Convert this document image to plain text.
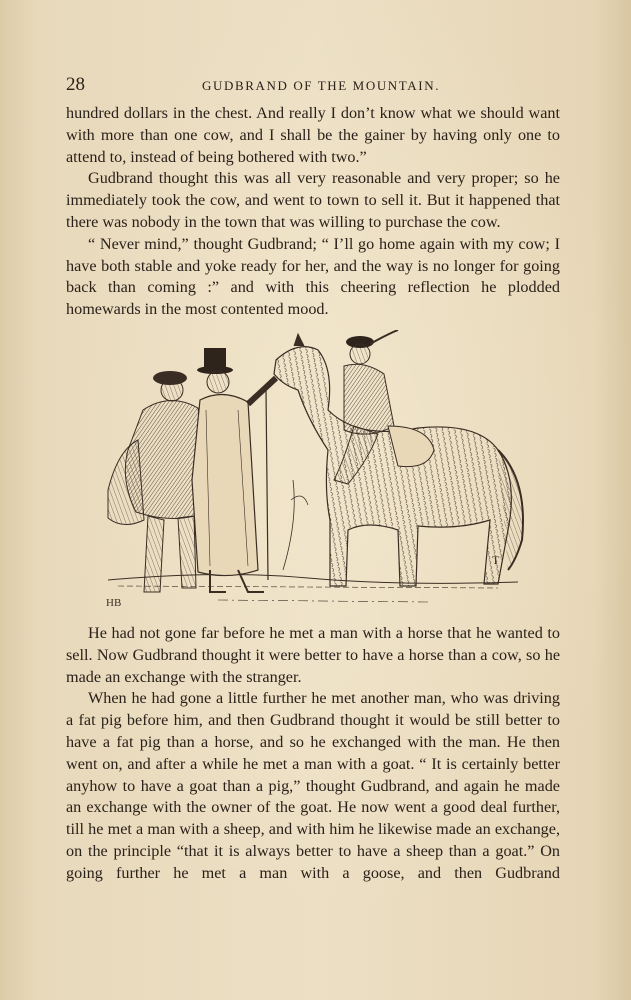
28	GUDBRAND OF THE MOUNTAIN.

hundred dollars in the chest. And really I don’t know what we should want with more than one cow, and I shall be the gainer by having only one to attend to, instead of being bothered with two.”

Gudbrand thought this was all very reasonable and very proper; so he immediately took the cow, and went to town to sell it. But it happened that there was nobody in the town that was willing to purchase the cow.

“ Never mind,” thought Gudbrand; “ I’ll go home again with my cow; I have both stable and yoke ready for her, and the way is no longer for going back than coming :” and with this cheering reflection he plodded homewards in the most contented mood.

HB
T

He had not gone far before he met a man with a horse that he wanted to sell. Now Gudbrand thought it were better to have a horse than a cow, so he made an exchange with the stranger.

When he had gone a little further he met another man, who was driving a fat pig before him, and then Gudbrand thought it would be still better to have a fat pig than a horse, and so he exchanged with the man. He then went on, and after a while he met a man with a goat. “ It is certainly better anyhow to have a goat than a pig,” thought Gudbrand, and again he made an exchange with the owner of the goat. He now went a good deal further, till he met a man with a sheep, and with him he likewise made an exchange, on the principle “that it is always better to have a sheep than a goat.” On going further he met a man with a goose, and then Gudbrand
